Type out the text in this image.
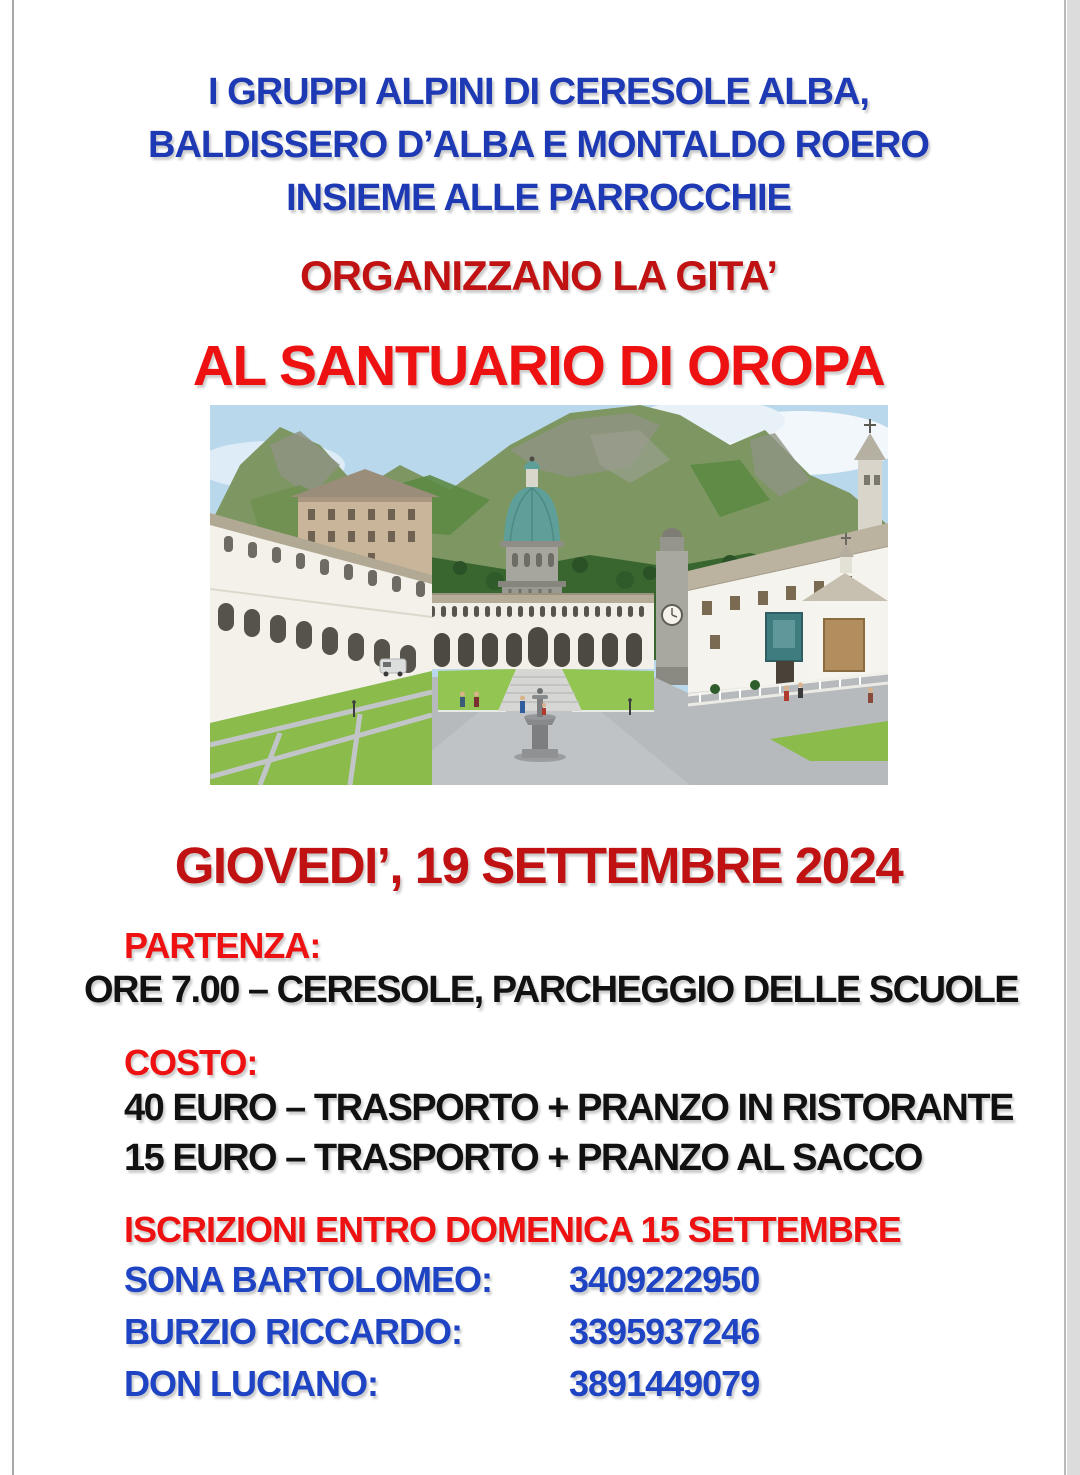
I GRUPPI ALPINI DI CERESOLE ALBA,
BALDISSERO D’ALBA E MONTALDO ROERO
INSIEME ALLE PARROCCHIE
ORGANIZZANO LA GITA’
AL SANTUARIO DI OROPA
GIOVEDI’, 19 SETTEMBRE 2024
PARTENZA:
ORE 7.00 – CERESOLE, PARCHEGGIO DELLE SCUOLE
COSTO:
40 EURO – TRASPORTO + PRANZO IN RISTORANTE
15 EURO – TRASPORTO + PRANZO AL SACCO
ISCRIZIONI ENTRO DOMENICA 15 SETTEMBRE
SONA BARTOLOMEO: 3409222950
BURZIO RICCARDO:	3395937246
DON LUCIANO:	3891449079
